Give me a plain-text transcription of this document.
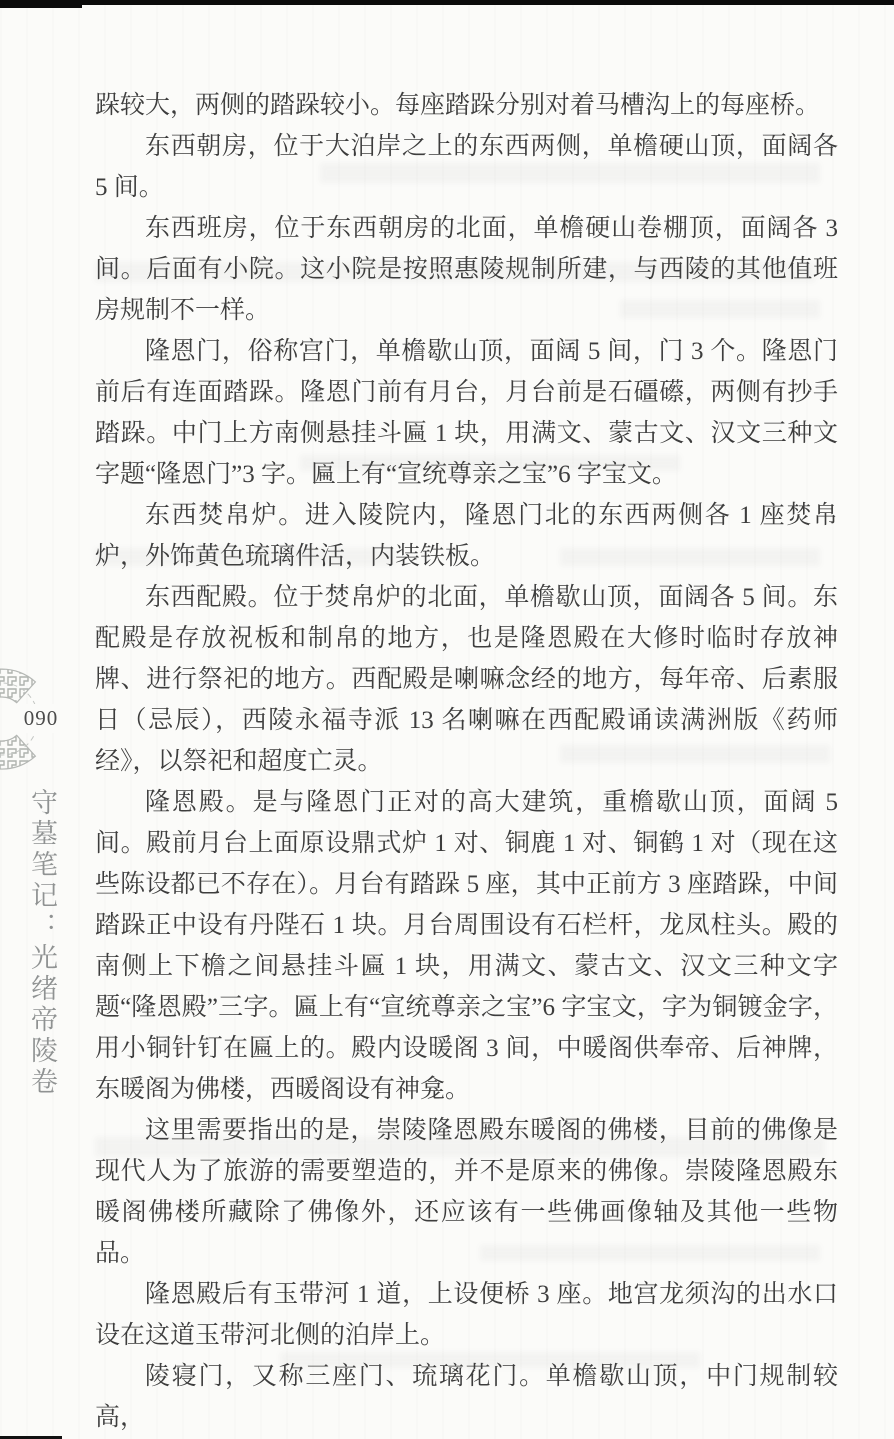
090
守墓笔记：光绪帝陵卷

跺较大，两侧的踏跺较小。每座踏跺分别对着马槽沟上的每座桥。

东西朝房，位于大泊岸之上的东西两侧，单檐硬山顶，面阔各 5 间。

东西班房，位于东西朝房的北面，单檐硬山卷棚顶，面阔各 3 间。后面有小院。这小院是按照惠陵规制所建，与西陵的其他值班房规制不一样。

隆恩门，俗称宫门，单檐歇山顶，面阔 5 间，门 3 个。隆恩门前后有连面踏跺。隆恩门前有月台，月台前是石礓礤，两侧有抄手踏跺。中门上方南侧悬挂斗匾 1 块，用满文、蒙古文、汉文三种文字题“隆恩门”3 字。匾上有“宣统尊亲之宝”6 字宝文。

东西焚帛炉。进入陵院内，隆恩门北的东西两侧各 1 座焚帛炉，外饰黄色琉璃件活，内装铁板。

东西配殿。位于焚帛炉的北面，单檐歇山顶，面阔各 5 间。东配殿是存放祝板和制帛的地方，也是隆恩殿在大修时临时存放神牌、进行祭祀的地方。西配殿是喇嘛念经的地方，每年帝、后素服日（忌辰），西陵永福寺派 13 名喇嘛在西配殿诵读满洲版《药师经》，以祭祀和超度亡灵。

隆恩殿。是与隆恩门正对的高大建筑，重檐歇山顶，面阔 5 间。殿前月台上面原设鼎式炉 1 对、铜鹿 1 对、铜鹤 1 对（现在这些陈设都已不存在）。月台有踏跺 5 座，其中正前方 3 座踏跺，中间踏跺正中设有丹陛石 1 块。月台周围设有石栏杆，龙凤柱头。殿的南侧上下檐之间悬挂斗匾 1 块，用满文、蒙古文、汉文三种文字题“隆恩殿”三字。匾上有“宣统尊亲之宝”6 字宝文，字为铜镀金字，用小铜针钉在匾上的。殿内设暖阁 3 间，中暖阁供奉帝、后神牌，东暖阁为佛楼，西暖阁设有神龛。

这里需要指出的是，崇陵隆恩殿东暖阁的佛楼，目前的佛像是现代人为了旅游的需要塑造的，并不是原来的佛像。崇陵隆恩殿东暖阁佛楼所藏除了佛像外，还应该有一些佛画像轴及其他一些物品。

隆恩殿后有玉带河 1 道，上设便桥 3 座。地宫龙须沟的出水口设在这道玉带河北侧的泊岸上。

陵寝门，又称三座门、琉璃花门。单檐歇山顶，中门规制较高，
